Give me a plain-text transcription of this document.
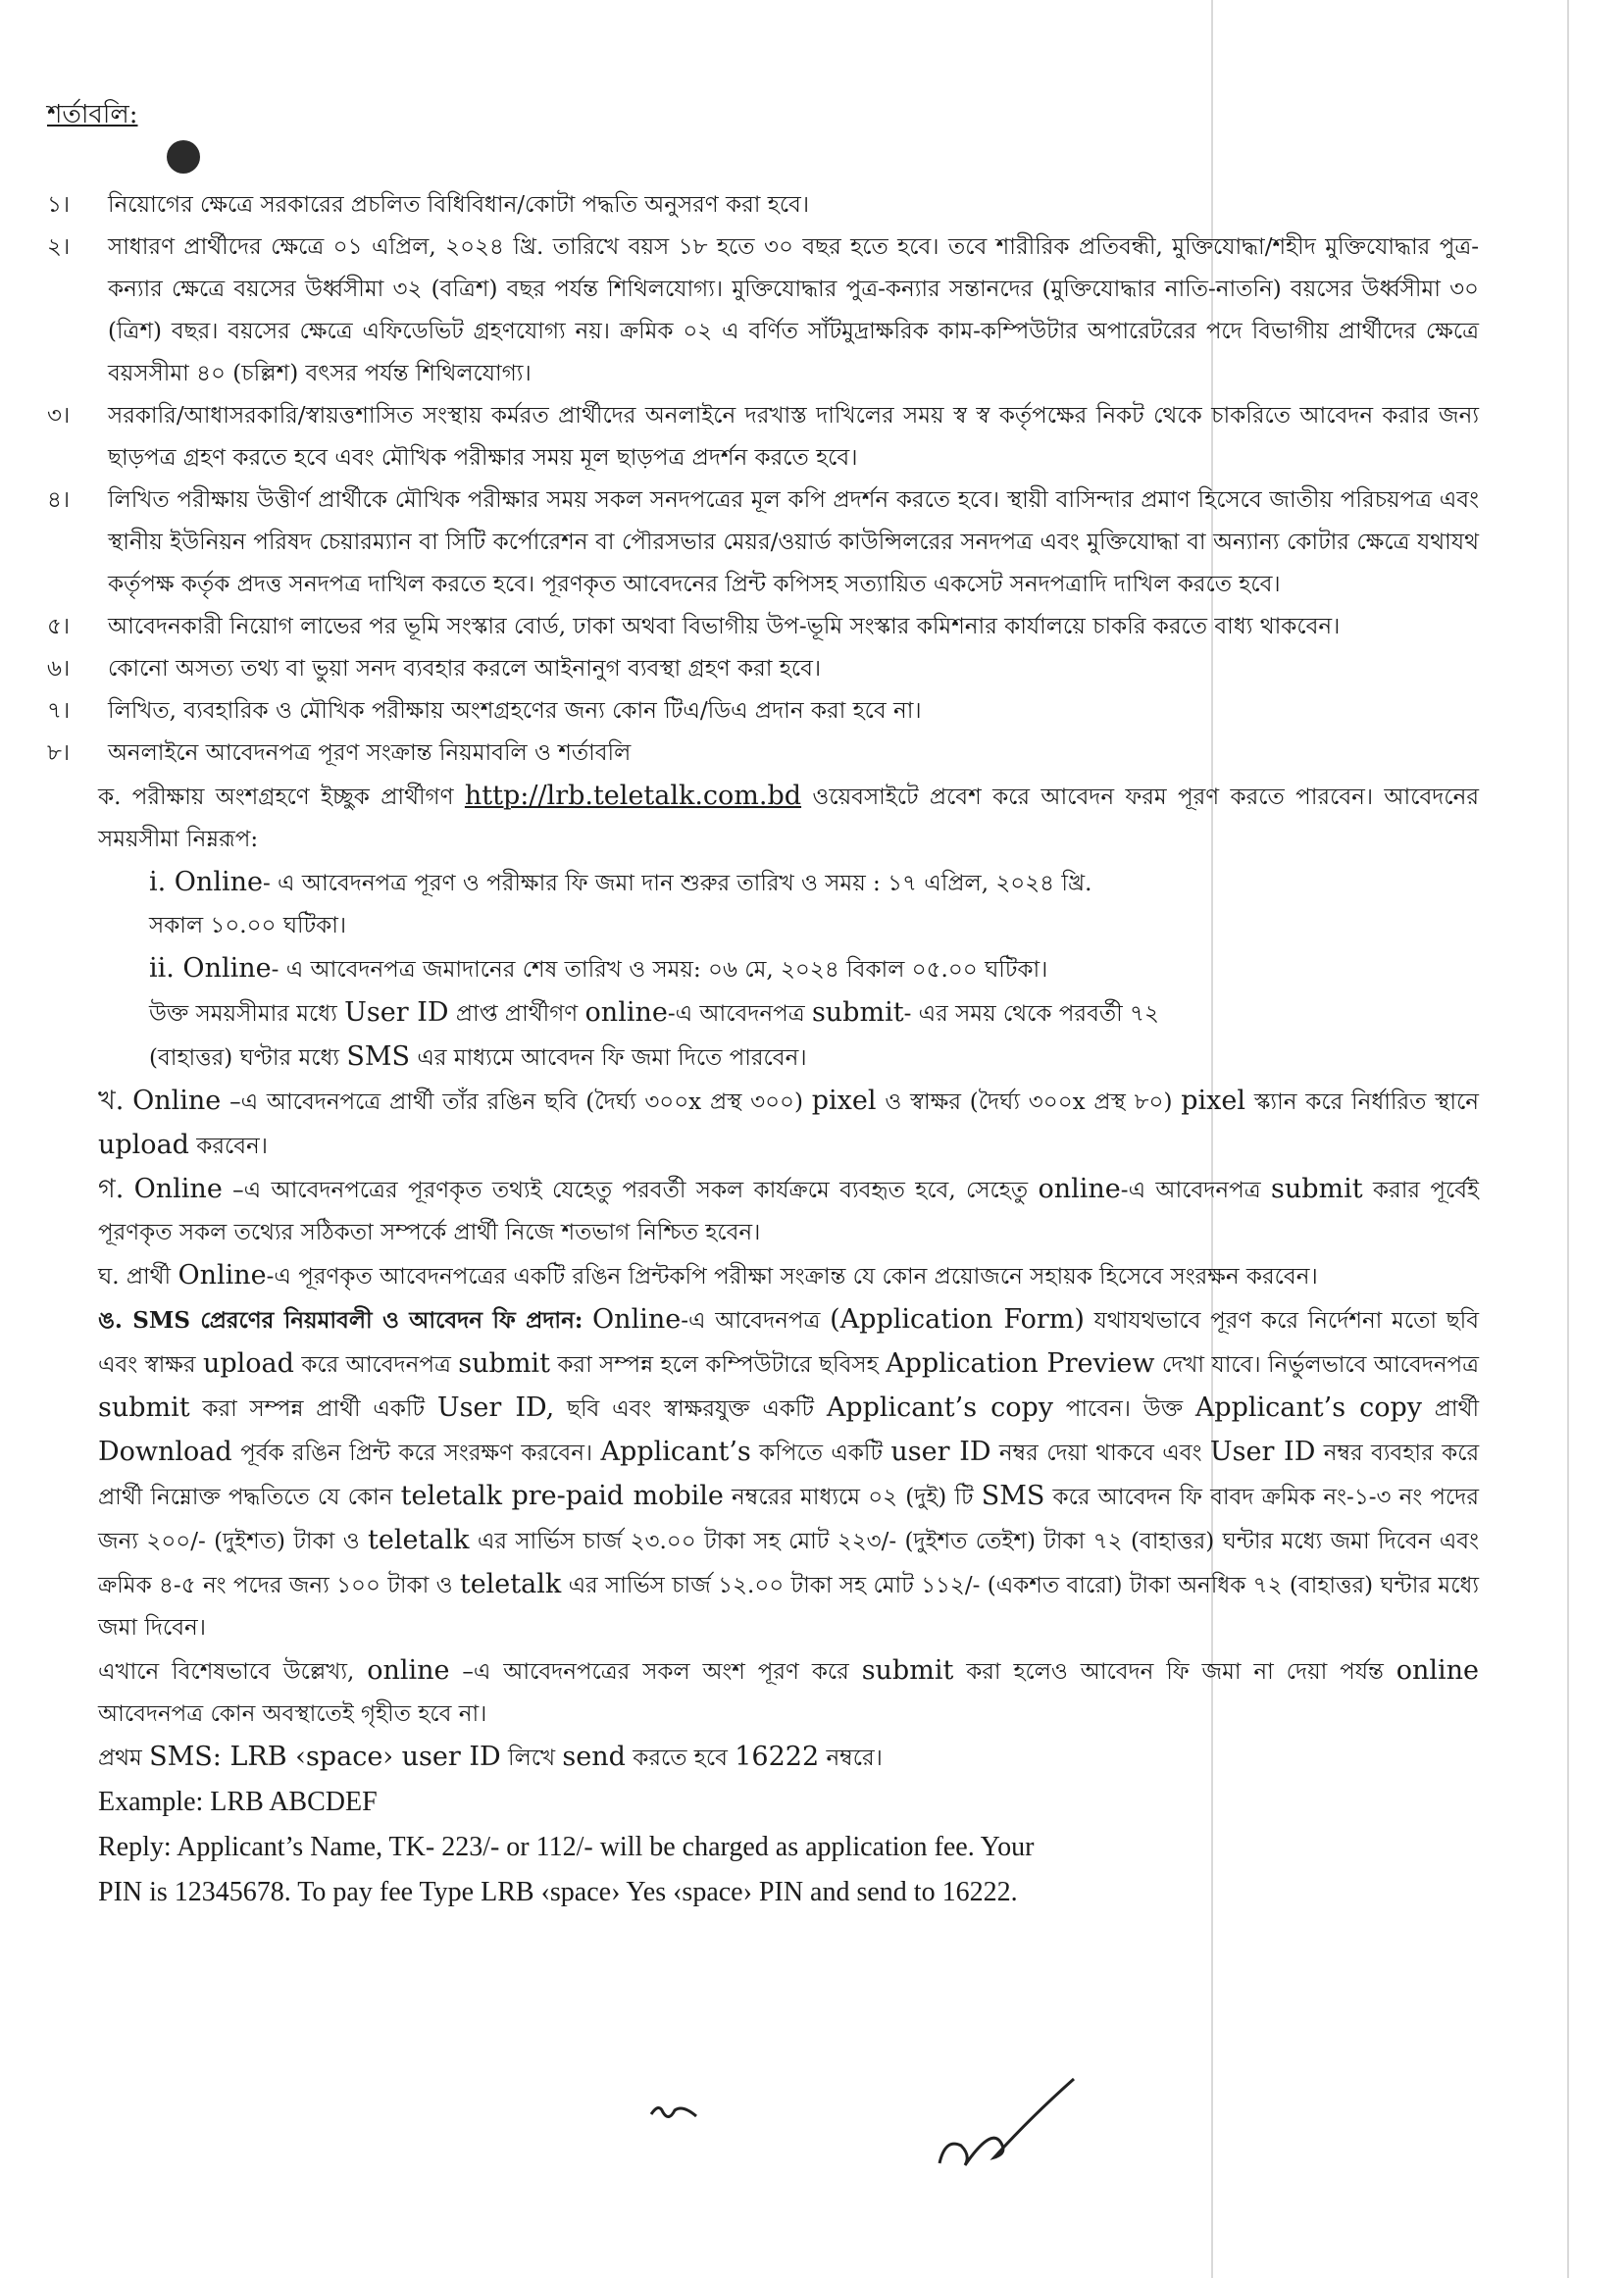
শর্তাবলি:
১।	নিয়োগের ক্ষেত্রে সরকারের প্রচলিত বিধিবিধান/কোটা পদ্ধতি অনুসরণ করা হবে।
২।	সাধারণ প্রার্থীদের ক্ষেত্রে ০১ এপ্রিল, ২০২৪ খ্রি. তারিখে বয়স ১৮ হতে ৩০ বছর হতে হবে। তবে শারীরিক প্রতিবন্ধী, মুক্তিযোদ্ধা/শহীদ মুক্তিযোদ্ধার পুত্র-কন্যার ক্ষেত্রে বয়সের উর্ধ্বসীমা ৩২ (বত্রিশ) বছর পর্যন্ত শিথিলযোগ্য। মুক্তিযোদ্ধার পুত্র-কন্যার সন্তানদের (মুক্তিযোদ্ধার নাতি-নাতনি) বয়সের উর্ধ্বসীমা ৩০ (ত্রিশ) বছর। বয়সের ক্ষেত্রে এফিডেভিট গ্রহণযোগ্য নয়। ক্রমিক ০২ এ বর্ণিত সাঁটমুদ্রাক্ষরিক কাম-কম্পিউটার অপারেটরের পদে বিভাগীয় প্রার্থীদের ক্ষেত্রে বয়সসীমা ৪০ (চল্লিশ) বৎসর পর্যন্ত শিথিলযোগ্য।
৩।	সরকারি/আধাসরকারি/স্বায়ত্তশাসিত সংস্থায় কর্মরত প্রার্থীদের অনলাইনে দরখাস্ত দাখিলের সময় স্ব স্ব কর্তৃপক্ষের নিকট থেকে চাকরিতে আবেদন করার জন্য ছাড়পত্র গ্রহণ করতে হবে এবং মৌখিক পরীক্ষার সময় মূল ছাড়পত্র প্রদর্শন করতে হবে।
৪।	লিখিত পরীক্ষায় উত্তীর্ণ প্রার্থীকে মৌখিক পরীক্ষার সময় সকল সনদপত্রের মূল কপি প্রদর্শন করতে হবে। স্থায়ী বাসিন্দার প্রমাণ হিসেবে জাতীয় পরিচয়পত্র এবং স্থানীয় ইউনিয়ন পরিষদ চেয়ারম্যান বা সিটি কর্পোরেশন বা পৌরসভার মেয়র/ওয়ার্ড কাউন্সিলরের সনদপত্র এবং মুক্তিযোদ্ধা বা অন্যান্য কোটার ক্ষেত্রে যথাযথ কর্তৃপক্ষ কর্তৃক প্রদত্ত সনদপত্র দাখিল করতে হবে। পূরণকৃত আবেদনের প্রিন্ট কপিসহ সত্যায়িত একসেট সনদপত্রাদি দাখিল করতে হবে।
৫।	আবেদনকারী নিয়োগ লাভের পর ভূমি সংস্কার বোর্ড, ঢাকা অথবা বিভাগীয় উপ-ভূমি সংস্কার কমিশনার কার্যালয়ে চাকরি করতে বাধ্য থাকবেন।
৬।	কোনো অসত্য তথ্য বা ভুয়া সনদ ব্যবহার করলে আইনানুগ ব্যবস্থা গ্রহণ করা হবে।
৭।	লিখিত, ব্যবহারিক ও মৌখিক পরীক্ষায় অংশগ্রহণের জন্য কোন টিএ/ডিএ প্রদান করা হবে না।
৮।	অনলাইনে আবেদনপত্র পূরণ সংক্রান্ত নিয়মাবলি ও শর্তাবলি
ক. পরীক্ষায় অংশগ্রহণে ইচ্ছুক প্রার্থীগণ http://lrb.teletalk.com.bd ওয়েবসাইটে প্রবেশ করে আবেদন ফরম পূরণ করতে পারবেন। আবেদনের সময়সীমা নিম্নরূপ:
i. Online- এ আবেদনপত্র পূরণ ও পরীক্ষার ফি জমা দান শুরুর তারিখ ও সময় : ১৭ এপ্রিল, ২০২৪ খ্রি.
সকাল ১০.০০ ঘটিকা।
ii. Online- এ আবেদনপত্র জমাদানের শেষ তারিখ ও সময়: ০৬ মে, ২০২৪ বিকাল ০৫.০০ ঘটিকা।
উক্ত সময়সীমার মধ্যে User ID প্রাপ্ত প্রার্থীগণ online-এ আবেদনপত্র submit- এর সময় থেকে পরবর্তী ৭২
(বাহাত্তর) ঘণ্টার মধ্যে SMS এর মাধ্যমে আবেদন ফি জমা দিতে পারবেন।
খ. Online –এ আবেদনপত্রে প্রার্থী তাঁর রঙিন ছবি (দৈর্ঘ্য ৩০০x প্রস্থ ৩০০) pixel ও স্বাক্ষর (দৈর্ঘ্য ৩০০x প্রস্থ ৮০) pixel স্ক্যান করে নির্ধারিত স্থানে upload করবেন।
গ. Online –এ আবেদনপত্রের পূরণকৃত তথ্যই যেহেতু পরবর্তী সকল কার্যক্রমে ব্যবহৃত হবে, সেহেতু online-এ আবেদনপত্র submit করার পূর্বেই পূরণকৃত সকল তথ্যের সঠিকতা সম্পর্কে প্রার্থী নিজে শতভাগ নিশ্চিত হবেন।
ঘ. প্রার্থী Online-এ পূরণকৃত আবেদনপত্রের একটি রঙিন প্রিন্টকপি পরীক্ষা সংক্রান্ত যে কোন প্রয়োজনে সহায়ক হিসেবে সংরক্ষন করবেন।
ঙ. SMS প্রেরণের নিয়মাবলী ও আবেদন ফি প্রদান: Online-এ আবেদনপত্র (Application Form) যথাযথভাবে পূরণ করে নির্দেশনা মতো ছবি এবং স্বাক্ষর upload করে আবেদনপত্র submit করা সম্পন্ন হলে কম্পিউটারে ছবিসহ Application Preview দেখা যাবে। নির্ভুলভাবে আবেদনপত্র submit করা সম্পন্ন প্রার্থী একটি User ID, ছবি এবং স্বাক্ষরযুক্ত একটি Applicant’s copy পাবেন। উক্ত Applicant’s copy প্রার্থী Download পূর্বক রঙিন প্রিন্ট করে সংরক্ষণ করবেন। Applicant’s কপিতে একটি user ID নম্বর দেয়া থাকবে এবং User ID নম্বর ব্যবহার করে প্রার্থী নিম্নোক্ত পদ্ধতিতে যে কোন teletalk pre-paid mobile নম্বরের মাধ্যমে ০২ (দুই) টি SMS করে আবেদন ফি বাবদ ক্রমিক নং-১-৩ নং পদের জন্য ২০০/- (দুইশত) টাকা ও teletalk এর সার্ভিস চার্জ ২৩.০০ টাকা সহ মোট ২২৩/- (দুইশত তেইশ) টাকা ৭২ (বাহাত্তর) ঘন্টার মধ্যে জমা দিবেন এবং ক্রমিক ৪-৫ নং পদের জন্য ১০০ টাকা ও teletalk এর সার্ভিস চার্জ ১২.০০ টাকা সহ মোট ১১২/- (একশত বারো) টাকা অনধিক ৭২ (বাহাত্তর) ঘন্টার মধ্যে জমা দিবেন।
এখানে বিশেষভাবে উল্লেখ্য, online –এ আবেদনপত্রের সকল অংশ পূরণ করে submit করা হলেও আবেদন ফি জমা না দেয়া পর্যন্ত online আবেদনপত্র কোন অবস্থাতেই গৃহীত হবে না।
প্রথম SMS: LRB ‹space› user ID লিখে send করতে হবে 16222 নম্বরে।
Example: LRB ABCDEF
Reply: Applicant’s Name, TK- 223/- or 112/- will be charged as application fee. Your
PIN is 12345678. To pay fee Type LRB ‹space› Yes ‹space› PIN and send to 16222.
